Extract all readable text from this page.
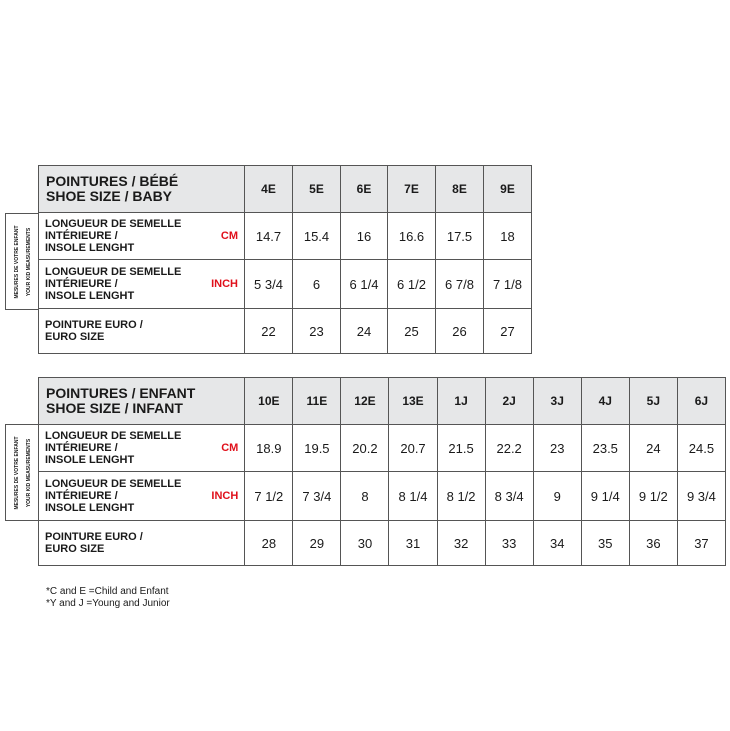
MESURES DE VOTRE ENFANT YOUR KID MEASUREMENTS
POINTURES / BÉBÉ
SHOE SIZE / BABY	4E	5E	6E	7E	8E	9E

LONGUEUR DE SEMELLE
INTÉRIEURE /
INSOLE LENGHT
CM	14.7	15.4	16	16.6	17.5	18

LONGUEUR DE SEMELLE
INTÉRIEURE /
INSOLE LENGHT
INCH	5 3/4	6	6 1/4	6 1/2	6 7/8	7 1/8

POINTURE EURO /
EURO SIZE	22	23	24	25	26	27
MESURES DE VOTRE ENFANT YOUR KID MEASUREMENTS
POINTURES / ENFANT
SHOE SIZE / INFANT	10E	11E	12E	13E	1J	2J	3J	4J	5J	6J

LONGUEUR DE SEMELLE
INTÉRIEURE /
INSOLE LENGHT
CM	18.9	19.5	20.2	20.7	21.5	22.2	23	23.5	24	24.5

LONGUEUR DE SEMELLE
INTÉRIEURE /
INSOLE LENGHT
INCH	7 1/2	7 3/4	8	8 1/4	8 1/2	8 3/4	9	9 1/4	9 1/2	9 3/4

POINTURE EURO /
EURO SIZE	28	29	30	31	32	33	34	35	36	37
*C and E =Child and Enfant
*Y and J =Young and Junior
